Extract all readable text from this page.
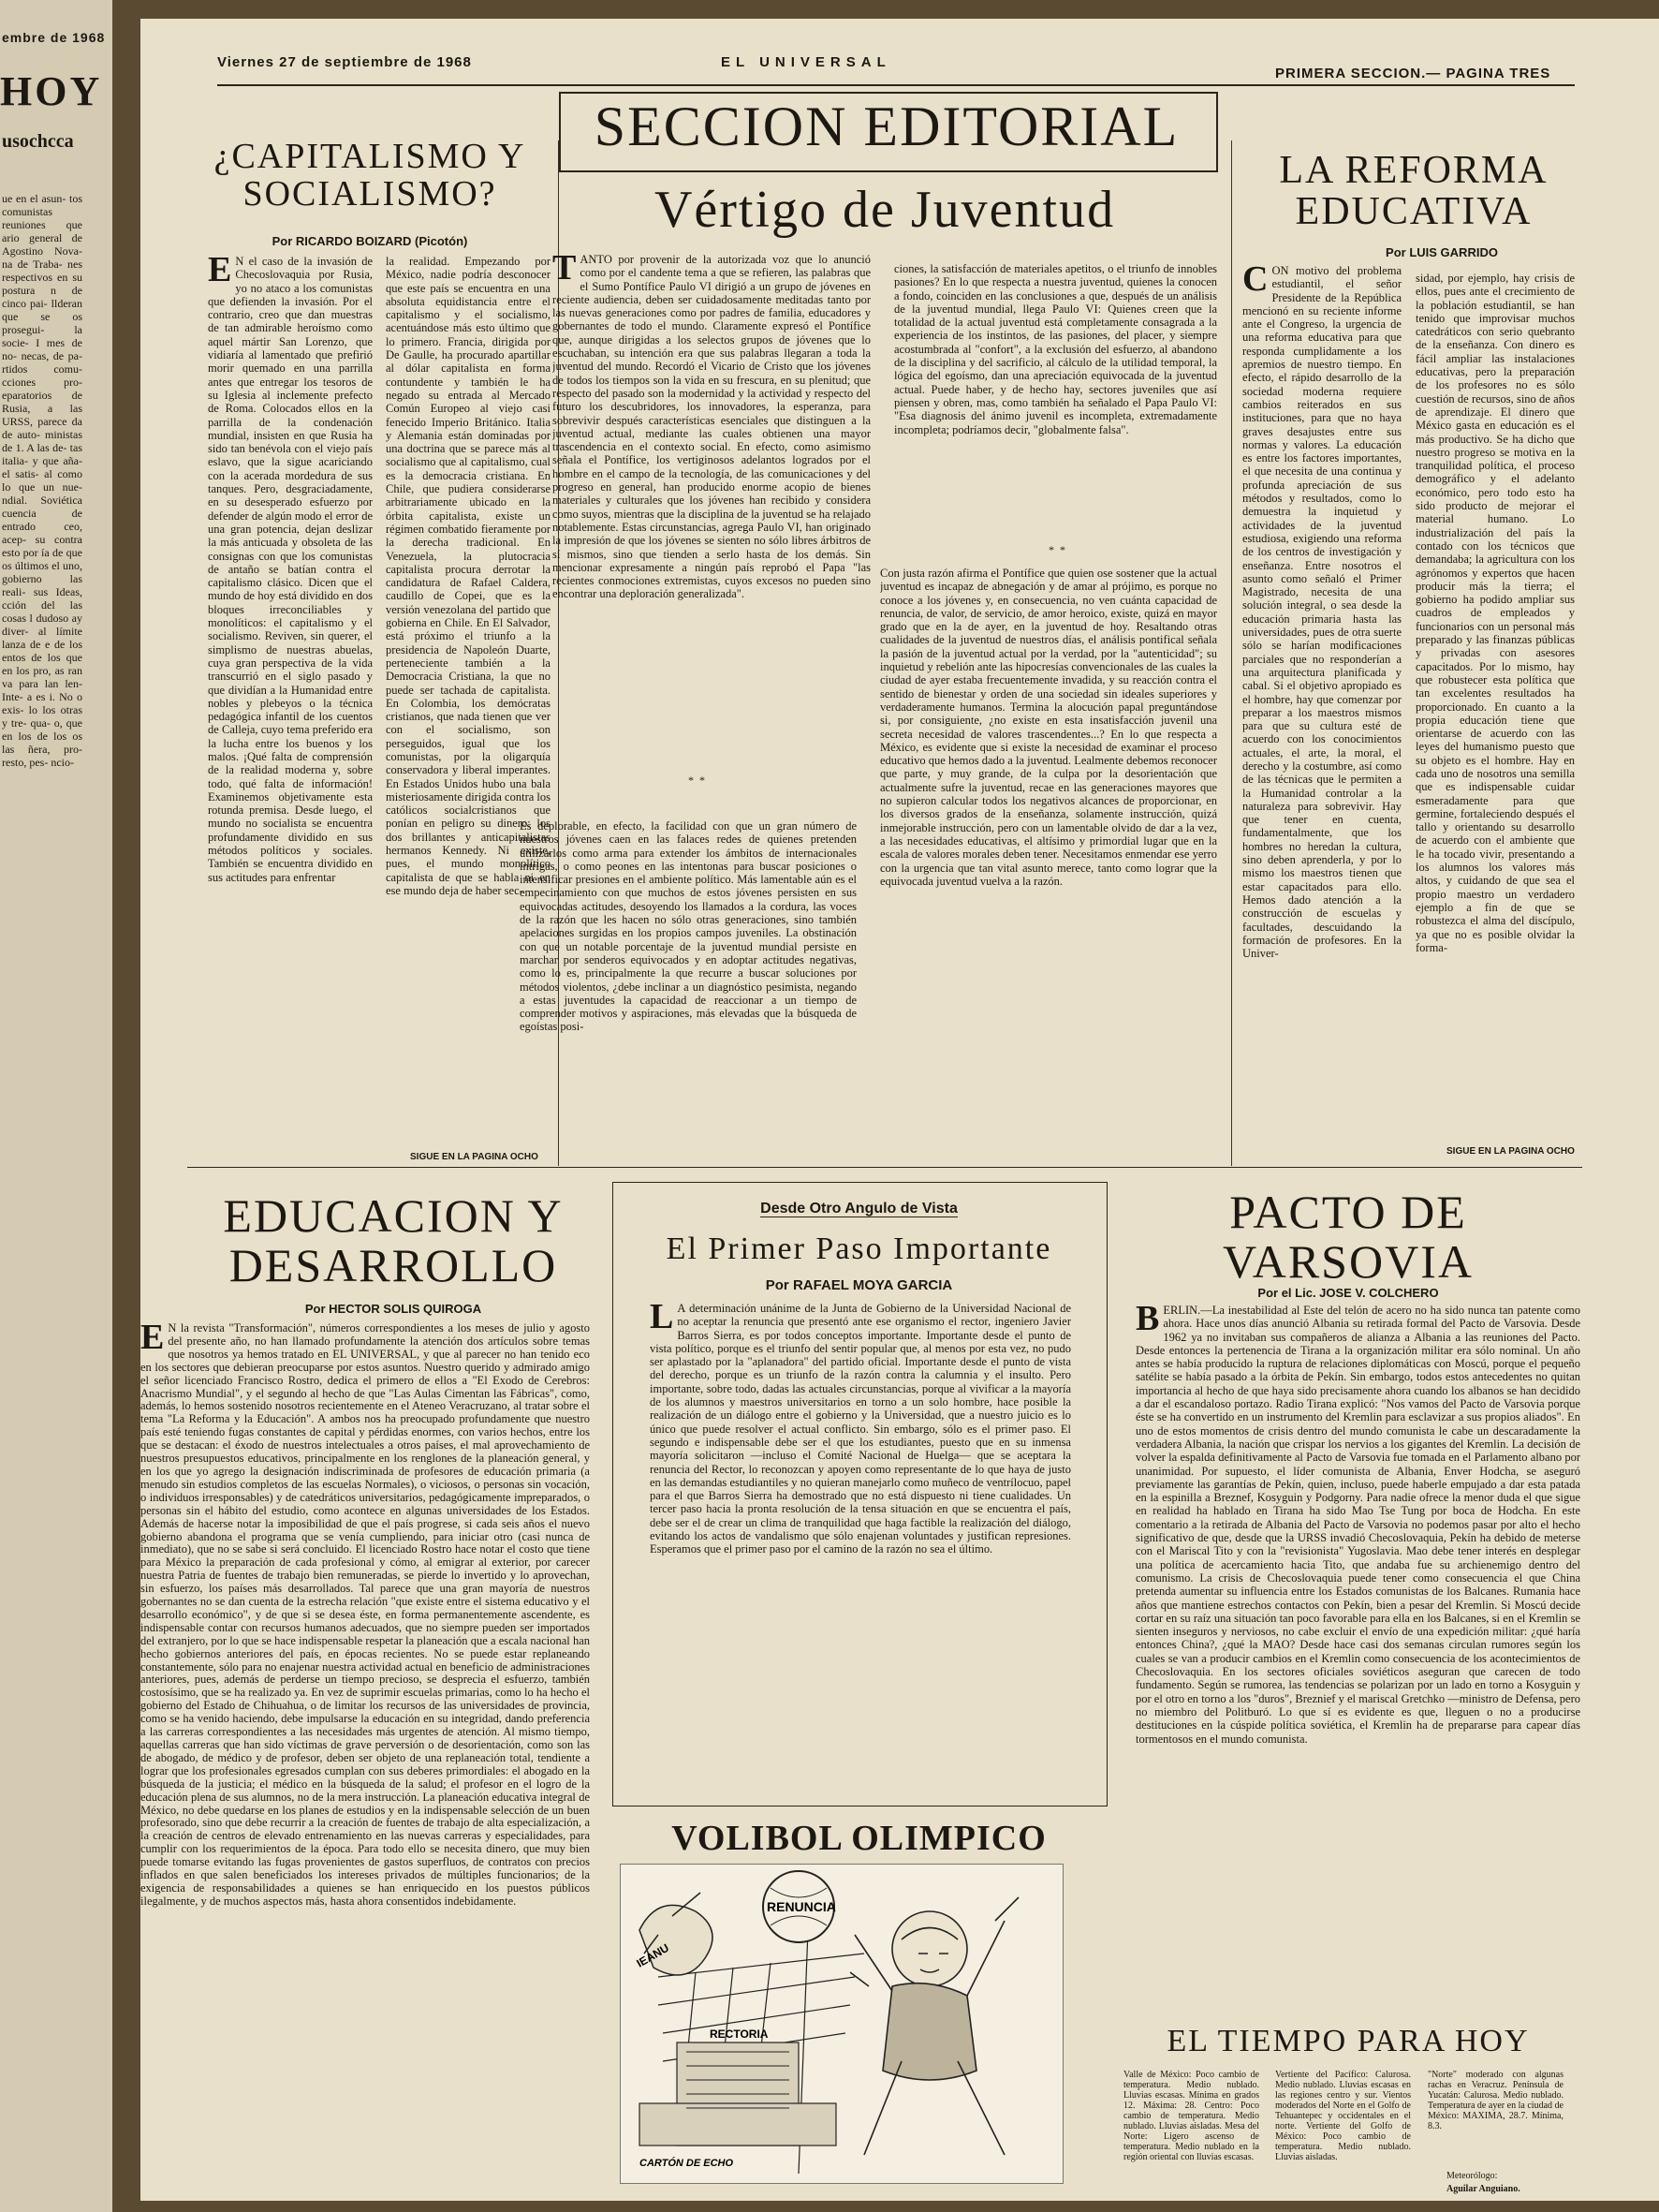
embre de 1968
HOY
usochcca
ue en el asun- tos comunistas reuniones que ario general de Agostino Nova- na de Traba- nes respectivos en su postura n de cinco pai- llderan que se os prosegui- la socie- I mes de no- necas, de pa- rtidos comu- cciones pro- eparatorios de Rusia, a las URSS, parece da de auto- ministas de 1. A las de- tas italia- y que aña- el satis- al como lo que un nue- ndial. Soviética cuencia de entrado ceo, acep- su contra esto por ía de que os últimos el uno, gobierno las reali- sus Ideas, cción del las cosas l dudoso ay diver- al límite lanza de e de los entos de los que en los pro, as ran va para lan len- Inte- a es i. No o exis- lo los otras y tre- qua- o, que en los de los os las ñera, pro- resto, pes- ncio-
Viernes 27 de septiembre de 1968	EL UNIVERSAL
PRIMERA SECCION.— PAGINA TRES
SECCION EDITORIAL
¿CAPITALISMO Y SOCIALISMO?
Por RICARDO BOIZARD (Picotón)
EN el caso de la invasión de Checoslovaquia por Rusia, yo no ataco a los comunistas que defienden la invasión. Por el contrario, creo que dan muestras de tan admirable heroísmo como aquel mártir San Lorenzo, que vidiaría al lamentado que prefirió morir quemado en una parrilla antes que entregar los tesoros de su Iglesia al inclemente prefecto de Roma. Colocados ellos en la parrilla de la condenación mundial, insisten en que Rusia ha sido tan benévola con el viejo país eslavo, que la sigue acariciando con la acerada mordedura de sus tanques. Pero, desgraciadamente, en su desesperado esfuerzo por defender de algún modo el error de una gran potencia, dejan deslizar la más anticuada y obsoleta de las consignas con que los comunistas de antaño se batían contra el capitalismo clásico. Dicen que el mundo de hoy está dividido en dos bloques irreconciliables y monolíticos: el capitalismo y el socialismo. Reviven, sin querer, el simplismo de nuestras abuelas, cuya gran perspectiva de la vida transcurrió en el siglo pasado y que dividían a la Humanidad entre nobles y plebeyos o la técnica pedagógica infantil de los cuentos de Calleja, cuyo tema preferido era la lucha entre los buenos y los malos. ¡Qué falta de comprensión de la realidad moderna y, sobre todo, qué falta de información! Examinemos objetivamente esta rotunda premisa. Desde luego, el mundo no socialista se encuentra profundamente dividido en sus métodos políticos y sociales. También se encuentra dividido en sus actitudes para enfrentar
la realidad. Empezando por México, nadie podría desconocer que este país se encuentra en una absoluta equidistancia entre el capitalismo y el socialismo, acentuándose más esto último que lo primero. Francia, dirigida por De Gaulle, ha procurado apartillar al dólar capitalista en forma contundente y también le ha negado su entrada al Mercado Común Europeo al viejo casi fenecido Imperio Británico. Italia y Alemania están dominadas por una doctrina que se parece más al socialismo que al capitalismo, cual es la democracia cristiana. En Chile, que pudiera considerarse arbitrariamente ubicado en la órbita capitalista, existe un régimen combatido fieramente por la derecha tradicional. En Venezuela, la plutocracia capitalista procura derrotar la candidatura de Rafael Caldera, caudillo de Copei, que es la versión venezolana del partido que gobierna en Chile. En El Salvador, está próximo el triunfo a la presidencia de Napoleón Duarte, perteneciente también a la Democracia Cristiana, la que no puede ser tachada de capitalista. En Colombia, los demócratas cristianos, que nada tienen que ver con el socialismo, son perseguidos, igual que los comunistas, por la oligarquía conservadora y liberal imperantes. En Estados Unidos hubo una bala misteriosamente dirigida contra los católicos socialcristianos que ponían en peligro su dinero: los dos brillantes y anticapitalistas hermanos Kennedy. Ni existe, pues, el mundo monolítico capitalista de que se habla ni en ese mundo deja de haber sec-
SIGUE EN LA PAGINA OCHO
Vértigo de Juventud
TANTO por provenir de la autorizada voz que lo anunció como por el candente tema a que se refieren, las palabras que el Sumo Pontífice Paulo VI dirigió a un grupo de jóvenes en reciente audiencia, deben ser cuidadosamente meditadas tanto por las nuevas generaciones como por padres de familia, educadores y gobernantes de todo el mundo. Claramente expresó el Pontífice que, aunque dirigidas a los selectos grupos de jóvenes que lo escuchaban, su intención era que sus palabras llegaran a toda la juventud del mundo. Recordó el Vicario de Cristo que los jóvenes de todos los tiempos son la vida en su frescura, en su plenitud; que respecto del pasado son la modernidad y la actividad y respecto del futuro los descubridores, los innovadores, la esperanza, para sobrevivir después características esenciales que distinguen a la juventud actual, mediante las cuales obtienen una mayor trascendencia en el contexto social. En efecto, como asimismo señala el Pontífice, los vertiginosos adelantos logrados por el hombre en el campo de la tecnología, de las comunicaciones y del progreso en general, han producido enorme acopio de bienes materiales y culturales que los jóvenes han recibido y considera como suyos, mientras que la disciplina de la juventud se ha relajado notablemente. Estas circunstancias, agrega Paulo VI, han originado la impresión de que los jóvenes se sienten no sólo libres árbitros de sí mismos, sino que tienden a serlo hasta de los demás. Sin mencionar expresamente a ningún país reprobó el Papa "las recientes conmociones extremistas, cuyos excesos no pueden sino encontrar una deploración generalizada".
ciones, la satisfacción de materiales apetitos, o el triunfo de innobles pasiones? En lo que respecta a nuestra juventud, quienes la conocen a fondo, coinciden en las conclusiones a que, después de un análisis de la juventud mundial, llega Paulo VI: Quienes creen que la totalidad de la actual juventud está completamente consagrada a la experiencia de los instintos, de las pasiones, del placer, y siempre acostumbrada al "confort", a la exclusión del esfuerzo, al abandono de la disciplina y del sacrificio, al cálculo de la utilidad temporal, la lógica del egoísmo, dan una apreciación equivocada de la juventud actual. Puede haber, y de hecho hay, sectores juveniles que así piensen y obren, mas, como también ha señalado el Papa Paulo VI: "Esa diagnosis del ánimo juvenil es incompleta, extremadamente incompleta; podríamos decir, "globalmente falsa".
*  *
*  *
Es deplorable, en efecto, la facilidad con que un gran número de nuestros jóvenes caen en las falaces redes de quienes pretenden utilizarlos como arma para extender los ámbitos de internacionales intrigas, o como peones en las intentonas para buscar posiciones o intensificar presiones en el ambiente político. Más lamentable aún es el empecinamiento con que muchos de estos jóvenes persisten en sus equivocadas actitudes, desoyendo los llamados a la cordura, las voces de la razón que les hacen no sólo otras generaciones, sino también apelaciones surgidas en los propios campos juveniles. La obstinación con que un notable porcentaje de la juventud mundial persiste en marchar por senderos equivocados y en adoptar actitudes negativas, como lo es, principalmente la que recurre a buscar soluciones por métodos violentos, ¿debe inclinar a un diagnóstico pesimista, negando a estas juventudes la capacidad de reaccionar a un tiempo de comprender motivos y aspiraciones, más elevadas que la búsqueda de egoístas posi-
Con justa razón afirma el Pontífice que quien ose sostener que la actual juventud es incapaz de abnegación y de amar al prójimo, es porque no conoce a los jóvenes y, en consecuencia, no ven cuánta capacidad de renuncia, de valor, de servicio, de amor heroico, existe, quizá en mayor grado que en la de ayer, en la juventud de hoy. Resaltando otras cualidades de la juventud de nuestros días, el análisis pontifical señala la pasión de la juventud actual por la verdad, por la "autenticidad"; su inquietud y rebelión ante las hipocresías convencionales de las cuales la ciudad de ayer estaba frecuentemente invadida, y su reacción contra el sentido de bienestar y orden de una sociedad sin ideales superiores y verdaderamente humanos. Termina la alocución papal preguntándose si, por consiguiente, ¿no existe en esta insatisfacción juvenil una secreta necesidad de valores trascendentes...? En lo que respecta a México, es evidente que si existe la necesidad de examinar el proceso educativo que hemos dado a la juventud. Lealmente debemos reconocer que parte, y muy grande, de la culpa por la desorientación que actualmente sufre la juventud, recae en las generaciones mayores que no supieron calcular todos los negativos alcances de proporcionar, en los diversos grados de la enseñanza, solamente instrucción, quizá inmejorable instrucción, pero con un lamentable olvido de dar a la vez, a las necesidades educativas, el altísimo y primordial lugar que en la escala de valores morales deben tener. Necesitamos enmendar ese yerro con la urgencia que tan vital asunto merece, tanto como lograr que la equivocada juventud vuelva a la razón.
LA REFORMA EDUCATIVA
Por LUIS GARRIDO
CON motivo del problema estudiantil, el señor Presidente de la República mencionó en su reciente informe ante el Congreso, la urgencia de una reforma educativa para que responda cumplidamente a los apremios de nuestro tiempo. En efecto, el rápido desarrollo de la sociedad moderna requiere cambios reiterados en sus instituciones, para que no haya graves desajustes entre sus normas y valores. La educación es entre los factores importantes, el que necesita de una continua y profunda apreciación de sus métodos y resultados, como lo demuestra la inquietud y actividades de la juventud estudiosa, exigiendo una reforma de los centros de investigación y enseñanza. Entre nosotros el asunto como señaló el Primer Magistrado, necesita de una solución integral, o sea desde la educación primaria hasta las universidades, pues de otra suerte sólo se harían modificaciones parciales que no responderían a una arquitectura planificada y cabal. Si el objetivo apropiado es el hombre, hay que comenzar por preparar a los maestros mismos para que su cultura esté de acuerdo con los conocimientos actuales, el arte, la moral, el derecho y la costumbre, así como de las técnicas que le permiten a la Humanidad controlar a la naturaleza para sobrevivir. Hay que tener en cuenta, fundamentalmente, que los hombres no heredan la cultura, sino deben aprenderla, y por lo mismo los maestros tienen que estar capacitados para ello. Hemos dado atención a la construcción de escuelas y facultades, descuidando la formación de profesores. En la Univer-
sidad, por ejemplo, hay crisis de ellos, pues ante el crecimiento de la población estudiantil, se han tenido que improvisar muchos catedráticos con serio quebranto de la enseñanza. Con dinero es fácil ampliar las instalaciones educativas, pero la preparación de los profesores no es sólo cuestión de recursos, sino de años de aprendizaje. El dinero que México gasta en educación es el más productivo. Se ha dicho que nuestro progreso se motiva en la tranquilidad política, el proceso demográfico y el adelanto económico, pero todo esto ha sido producto de mejorar el material humano. Lo industrialización del país la contado con los técnicos que demandaba; la agricultura con los agrónomos y expertos que hacen producir más la tierra; el gobierno ha podido ampliar sus cuadros de empleados y funcionarios con un personal más preparado y las finanzas públicas y privadas con asesores capacitados. Por lo mismo, hay que robustecer esta política que tan excelentes resultados ha proporcionado. En cuanto a la propia educación tiene que orientarse de acuerdo con las leyes del humanismo puesto que su objeto es el hombre. Hay en cada uno de nosotros una semilla que es indispensable cuidar esmeradamente para que germine, fortaleciendo después el tallo y orientando su desarrollo de acuerdo con el ambiente que le ha tocado vivir, presentando a los alumnos los valores más altos, y cuidando de que sea el propio maestro un verdadero ejemplo a fin de que se robustezca el alma del discípulo, ya que no es posible olvidar la forma-
SIGUE EN LA PAGINA OCHO
EDUCACION Y DESARROLLO
Por HECTOR SOLIS QUIROGA
EN la revista "Transformación", números correspondientes a los meses de julio y agosto del presente año, no han llamado profundamente la atención dos artículos sobre temas que nosotros ya hemos tratado en EL UNIVERSAL, y que al parecer no han tenido eco en los sectores que debieran preocuparse por estos asuntos. Nuestro querido y admirado amigo el señor licenciado Francisco Rostro, dedica el primero de ellos a "El Exodo de Cerebros: Anacrismo Mundial", y el segundo al hecho de que "Las Aulas Cimentan las Fábricas", como, además, lo hemos sostenido nosotros recientemente en el Ateneo Veracruzano, al tratar sobre el tema "La Reforma y la Educación". A ambos nos ha preocupado profundamente que nuestro país esté teniendo fugas constantes de capital y pérdidas enormes, con varios hechos, entre los que se destacan: el éxodo de nuestros intelectuales a otros países, el mal aprovechamiento de nuestros presupuestos educativos, principalmente en los renglones de la planeación general, y en los que yo agrego la designación indiscriminada de profesores de educación primaria (a menudo sin estudios completos de las escuelas Normales), o viciosos, o personas sin vocación, o individuos irresponsables) y de catedráticos universitarios, pedagógicamente impreparados, o personas sin el hábito del estudio, como acontece en algunas universidades de los Estados. Además de hacerse notar la imposibilidad de que el país progrese, si cada seis años el nuevo gobierno abandona el programa que se venía cumpliendo, para iniciar otro (casi nunca de inmediato), que no se sabe si será concluido. El licenciado Rostro hace notar el costo que tiene para México la preparación de cada profesional y cómo, al emigrar al exterior, por carecer nuestra Patria de fuentes de trabajo bien remuneradas, se pierde lo invertido y lo aprovechan, sin esfuerzo, los países más desarrollados. Tal parece que una gran mayoría de nuestros gobernantes no se dan cuenta de la estrecha relación "que existe entre el sistema educativo y el desarrollo económico", y de que si se desea éste, en forma permanentemente ascendente, es indispensable contar con recursos humanos adecuados, que no siempre pueden ser importados del extranjero, por lo que se hace indispensable respetar la planeación que a escala nacional han hecho gobiernos anteriores del país, en épocas recientes. No se puede estar replaneando constantemente, sólo para no enajenar nuestra actividad actual en beneficio de administraciones anteriores, pues, además de perderse un tiempo precioso, se desprecia el esfuerzo, también costosísimo, que se ha realizado ya. En vez de suprimir escuelas primarias, como lo ha hecho el gobierno del Estado de Chihuahua, o de limitar los recursos de las universidades de provincia, como se ha venido haciendo, debe impulsarse la educación en su integridad, dando preferencia a las carreras correspondientes a las necesidades más urgentes de atención. Al mismo tiempo, aquellas carreras que han sido víctimas de grave perversión o de desorientación, como son las de abogado, de médico y de profesor, deben ser objeto de una replaneación total, tendiente a lograr que los profesionales egresados cumplan con sus deberes primordiales: el abogado en la búsqueda de la justicia; el médico en la búsqueda de la salud; el profesor en el logro de la educación plena de sus alumnos, no de la mera instrucción. La planeación educativa integral de México, no debe quedarse en los planes de estudios y en la indispensable selección de un buen profesorado, sino que debe recurrir a la creación de fuentes de trabajo de alta especialización, a la creación de centros de elevado entrenamiento en las nuevas carreras y especialidades, para cumplir con los requerimientos de la época. Para todo ello se necesita dinero, que muy bien puede tomarse evitando las fugas provenientes de gastos superfluos, de contratos con precios inflados en que salen beneficiados los intereses privados de múltiples funcionarios; de la exigencia de responsabilidades a quienes se han enriquecido en los puestos públicos ilegalmente, y de muchos aspectos más, hasta ahora consentidos indebidamente.
Desde Otro Angulo de Vista
El Primer Paso Importante
Por RAFAEL MOYA GARCIA
LA determinación unánime de la Junta de Gobierno de la Universidad Nacional de no aceptar la renuncia que presentó ante ese organismo el rector, ingeniero Javier Barros Sierra, es por todos conceptos importante. Importante desde el punto de vista político, porque es el triunfo del sentir popular que, al menos por esta vez, no pudo ser aplastado por la "aplanadora" del partido oficial. Importante desde el punto de vista del derecho, porque es un triunfo de la razón contra la calumnia y el insulto. Pero importante, sobre todo, dadas las actuales circunstancias, porque al vivificar a la mayoría de los alumnos y maestros universitarios en torno a un solo hombre, hace posible la realización de un diálogo entre el gobierno y la Universidad, que a nuestro juicio es lo único que puede resolver el actual conflicto. Sin embargo, sólo es el primer paso. El segundo e indispensable debe ser el que los estudiantes, puesto que en su inmensa mayoría solicitaron —incluso el Comité Nacional de Huelga— que se aceptara la renuncia del Rector, lo reconozcan y apoyen como representante de lo que haya de justo en las demandas estudiantiles y no quieran manejarlo como muñeco de ventrílocuo, papel para el que Barros Sierra ha demostrado que no está dispuesto ni tiene cualidades. Un tercer paso hacia la pronta resolución de la tensa situación en que se encuentra el país, debe ser el de crear un clima de tranquilidad que haga factible la realización del diálogo, evitando los actos de vandalismo que sólo enajenan voluntades y justifican represiones. Esperamos que el primer paso por el camino de la razón no sea el último.
VOLIBOL OLIMPICO
RECTORIA
RENUNCIA
IEANU
CARTÓN DE ECHO
PACTO DE VARSOVIA
Por el Lic. JOSE V. COLCHERO
BERLIN.—La inestabilidad al Este del telón de acero no ha sido nunca tan patente como ahora. Hace unos días anunció Albania su retirada formal del Pacto de Varsovia. Desde 1962 ya no invitaban sus compañeros de alianza a Albania a las reuniones del Pacto. Desde entonces la pertenencia de Tirana a la organización militar era sólo nominal. Un año antes se había producido la ruptura de relaciones diplomáticas con Moscú, porque el pequeño satélite se había pasado a la órbita de Pekín. Sin embargo, todos estos antecedentes no quitan importancia al hecho de que haya sido precisamente ahora cuando los albanos se han decidido a dar el escandaloso portazo. Radio Tirana explicó: "Nos vamos del Pacto de Varsovia porque éste se ha convertido en un instrumento del Kremlin para esclavizar a sus propios aliados". En uno de estos momentos de crisis dentro del mundo comunista le cabe un descaradamente la verdadera Albania, la nación que crispar los nervios a los gigantes del Kremlin. La decisión de volver la espalda definitivamente al Pacto de Varsovia fue tomada en el Parlamento albano por unanimidad. Por supuesto, el líder comunista de Albania, Enver Hodcha, se aseguró previamente las garantías de Pekín, quien, incluso, puede haberle empujado a dar esta patada en la espinilla a Breznef, Kosyguin y Podgorny. Para nadie ofrece la menor duda el que sigue en realidad ha hablado en Tirana ha sido Mao Tse Tung por boca de Hodcha. En este comentario a la retirada de Albania del Pacto de Varsovia no podemos pasar por alto el hecho significativo de que, desde que la URSS invadió Checoslovaquia, Pekín ha debido de meterse con el Mariscal Tito y con la "revisionista" Yugoslavia. Mao debe tener interés en desplegar una política de acercamiento hacia Tito, que andaba fue su archienemigo dentro del comunismo. La crisis de Checoslovaquia puede tener como consecuencia el que China pretenda aumentar su influencia entre los Estados comunistas de los Balcanes. Rumania hace años que mantiene estrechos contactos con Pekín, bien a pesar del Kremlin. Si Moscú decide cortar en su raíz una situación tan poco favorable para ella en los Balcanes, si en el Kremlin se sienten inseguros y nerviosos, no cabe excluir el envío de una expedición militar: ¿qué haría entonces China?, ¿qué la MAO? Desde hace casi dos semanas circulan rumores según los cuales se van a producir cambios en el Kremlin como consecuencia de los acontecimientos de Checoslovaquia. En los sectores oficiales soviéticos aseguran que carecen de todo fundamento. Según se rumorea, las tendencias se polarizan por un lado en torno a Kosyguin y por el otro en torno a los "duros", Breznief y el mariscal Gretchko —ministro de Defensa, pero no miembro del Politburó. Lo que sí es evidente es que, lleguen o no a producirse destituciones en la cúspide política soviética, el Kremlin ha de prepararse para capear días tormentosos en el mundo comunista.
EL TIEMPO PARA HOY
Valle de México: Poco cambio de temperatura. Medio nublado. Lluvias escasas. Mínima en grados 12. Máxima: 28. Centro: Poco cambio de temperatura. Medio nublado. Lluvias aisladas. Mesa del Norte: Ligero ascenso de temperatura. Medio nublado en la región oriental con lluvias escasas.
Vertiente del Pacífico: Calurosa. Medio nublado. Lluvias escasas en las regiones centro y sur. Vientos moderados del Norte en el Golfo de Tehuantepec y occidentales en el norte. Vertiente del Golfo de México: Poco cambio de temperatura. Medio nublado. Lluvias aisladas.
"Norte" moderado con algunas rachas en Veracruz. Península de Yucatán: Calurosa. Medio nublado. Temperatura de ayer en la ciudad de México: MAXIMA, 28.7. Mínima, 8.3.
Meteorólogo:
Aguilar Anguiano.
